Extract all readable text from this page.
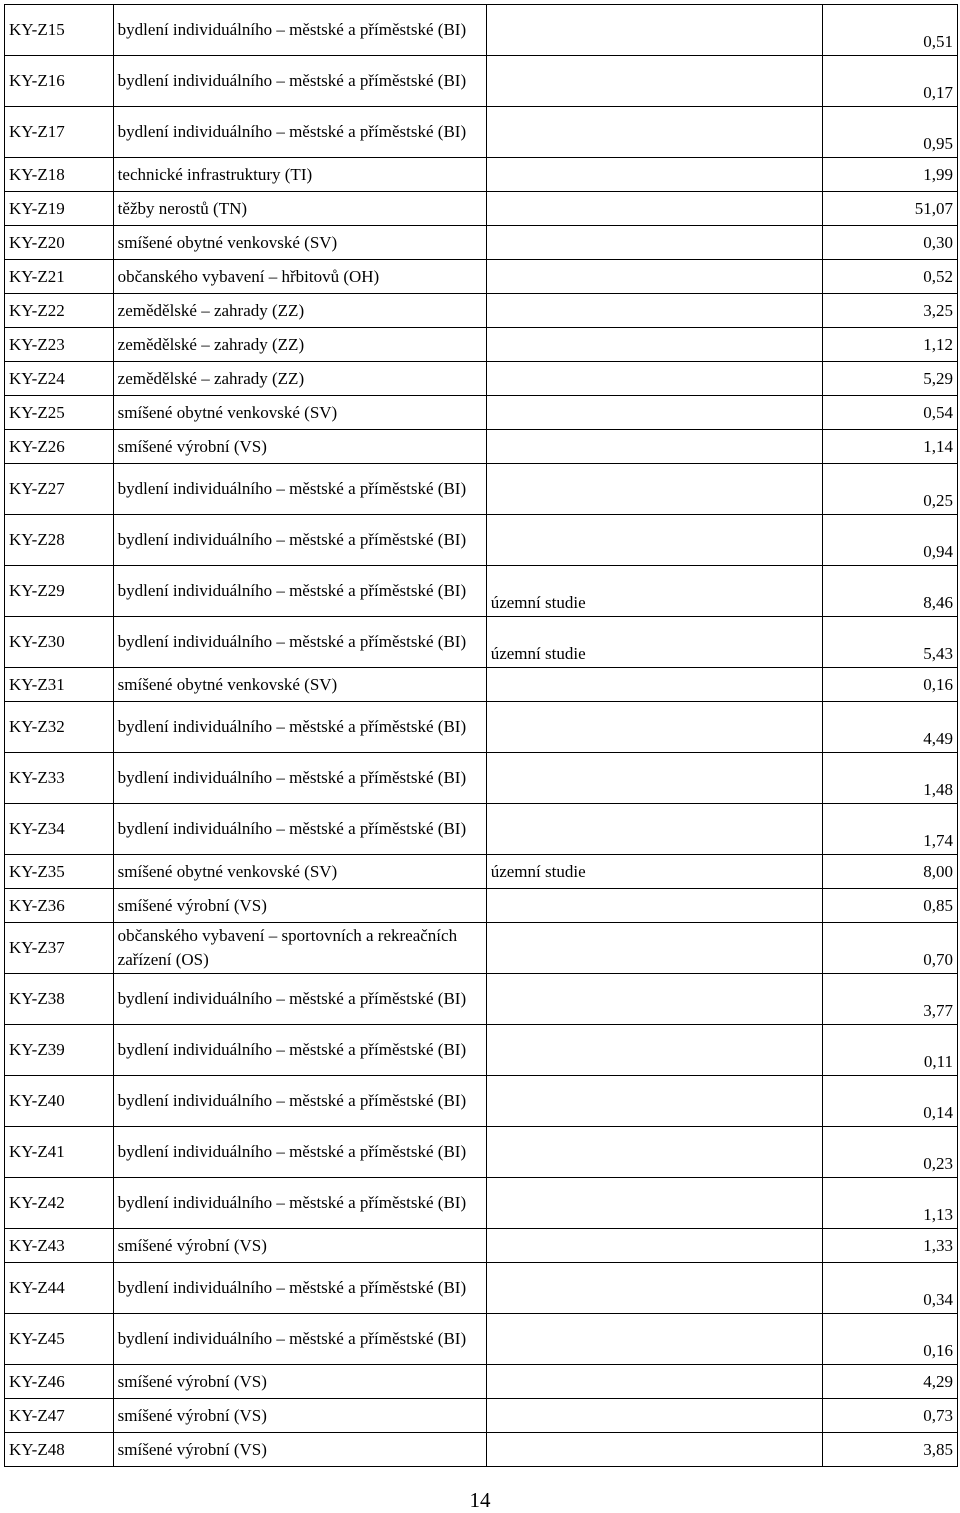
KY-Z15	bydlení individuálního – městské a příměstské (BI)		0,51
KY-Z16	bydlení individuálního – městské a příměstské (BI)		0,17
KY-Z17	bydlení individuálního – městské a příměstské (BI)		0,95
KY-Z18	technické infrastruktury (TI)		1,99
KY-Z19	těžby nerostů (TN)		51,07
KY-Z20	smíšené obytné venkovské (SV)		0,30
KY-Z21	občanského vybavení – hřbitovů (OH)		0,52
KY-Z22	zemědělské – zahrady (ZZ)		3,25
KY-Z23	zemědělské – zahrady (ZZ)		1,12
KY-Z24	zemědělské – zahrady (ZZ)		5,29
KY-Z25	smíšené obytné venkovské (SV)		0,54
KY-Z26	smíšené výrobní (VS)		1,14
KY-Z27	bydlení individuálního – městské a příměstské (BI)		0,25
KY-Z28	bydlení individuálního – městské a příměstské (BI)		0,94
KY-Z29	bydlení individuálního – městské a příměstské (BI)	územní studie	8,46
KY-Z30	bydlení individuálního – městské a příměstské (BI)	územní studie	5,43
KY-Z31	smíšené obytné venkovské (SV)		0,16
KY-Z32	bydlení individuálního – městské a příměstské (BI)		4,49
KY-Z33	bydlení individuálního – městské a příměstské (BI)		1,48
KY-Z34	bydlení individuálního – městské a příměstské (BI)		1,74
KY-Z35	smíšené obytné venkovské (SV)	územní studie	8,00
KY-Z36	smíšené výrobní (VS)		0,85
KY-Z37	občanského vybavení – sportovních a rekreačních zařízení (OS)		0,70
KY-Z38	bydlení individuálního – městské a příměstské (BI)		3,77
KY-Z39	bydlení individuálního – městské a příměstské (BI)		0,11
KY-Z40	bydlení individuálního – městské a příměstské (BI)		0,14
KY-Z41	bydlení individuálního – městské a příměstské (BI)		0,23
KY-Z42	bydlení individuálního – městské a příměstské (BI)		1,13
KY-Z43	smíšené výrobní (VS)		1,33
KY-Z44	bydlení individuálního – městské a příměstské (BI)		0,34
KY-Z45	bydlení individuálního – městské a příměstské (BI)		0,16
KY-Z46	smíšené výrobní (VS)		4,29
KY-Z47	smíšené výrobní (VS)		0,73
KY-Z48	smíšené výrobní (VS)		3,85
14
